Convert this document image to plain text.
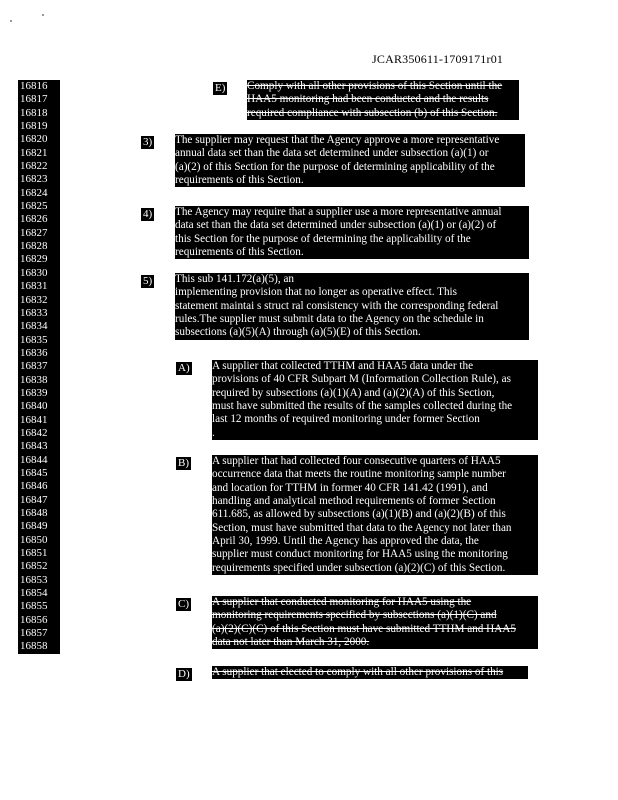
JCAR350611-1709171r01
16816
16817
16818
16819
16820
16821
16822
16823
16824
16825
16826
16827
16828
16829
16830
16831
16832
16833
16834
16835
16836
16837
16838
16839
16840
16841
16842
16843
16844
16845
16846
16847
16848
16849
16850
16851
16852
16853
16854
16855
16856
16857
16858
E) Comply with all other provisions of this Section until the
HAA5 monitoring had been conducted and the results
required compliance with subsection (b) of this Section.
3) The supplier may request that the Agency approve a more representative
annual data set than the data set determined under subsection (a)(1) or
(a)(2) of this Section for the purpose of determining applicability of the
requirements of this Section.
4) The Agency may require that a supplier use a more representative annual
data set than the data set determined under subsection (a)(1) or (a)(2) of
this Section for the purpose of determining the applicability of the
requirements of this Section.
5) This sub 141.172(a)(5), an
implementing provision that no longer as operative effect. This
statement maintai s struct ral consistency with the corresponding federal
rules.The supplier must submit data to the Agency on the schedule in
subsections (a)(5)(A) through (a)(5)(E) of this Section.
A) A supplier that collected TTHM and HAA5 data under the
provisions of 40 CFR Subpart M (Information Collection Rule), as
required by subsections (a)(1)(A) and (a)(2)(A) of this Section,
must have submitted the results of the samples collected during the
last 12 months of required monitoring under former Section
.
B) A supplier that had collected four consecutive quarters of HAA5
occurrence data that meets the routine monitoring sample number
and location for TTHM in former 40 CFR 141.42 (1991), and
handling and analytical method requirements of former Section
611.685, as allowed by subsections (a)(1)(B) and (a)(2)(B) of this
Section, must have submitted that data to the Agency not later than
April 30, 1999. Until the Agency has approved the data, the
supplier must conduct monitoring for HAA5 using the monitoring
requirements specified under subsection (a)(2)(C) of this Section.
C) A supplier that conducted monitoring for HAA5 using the
monitoring requirements specified by subsections (a)(1)(C) and
(a)(2)(C)(C) of this Section must have submitted TTHM and HAA5
data not later than March 31, 2000.
D) A supplier that elected to comply with all other provisions of this
